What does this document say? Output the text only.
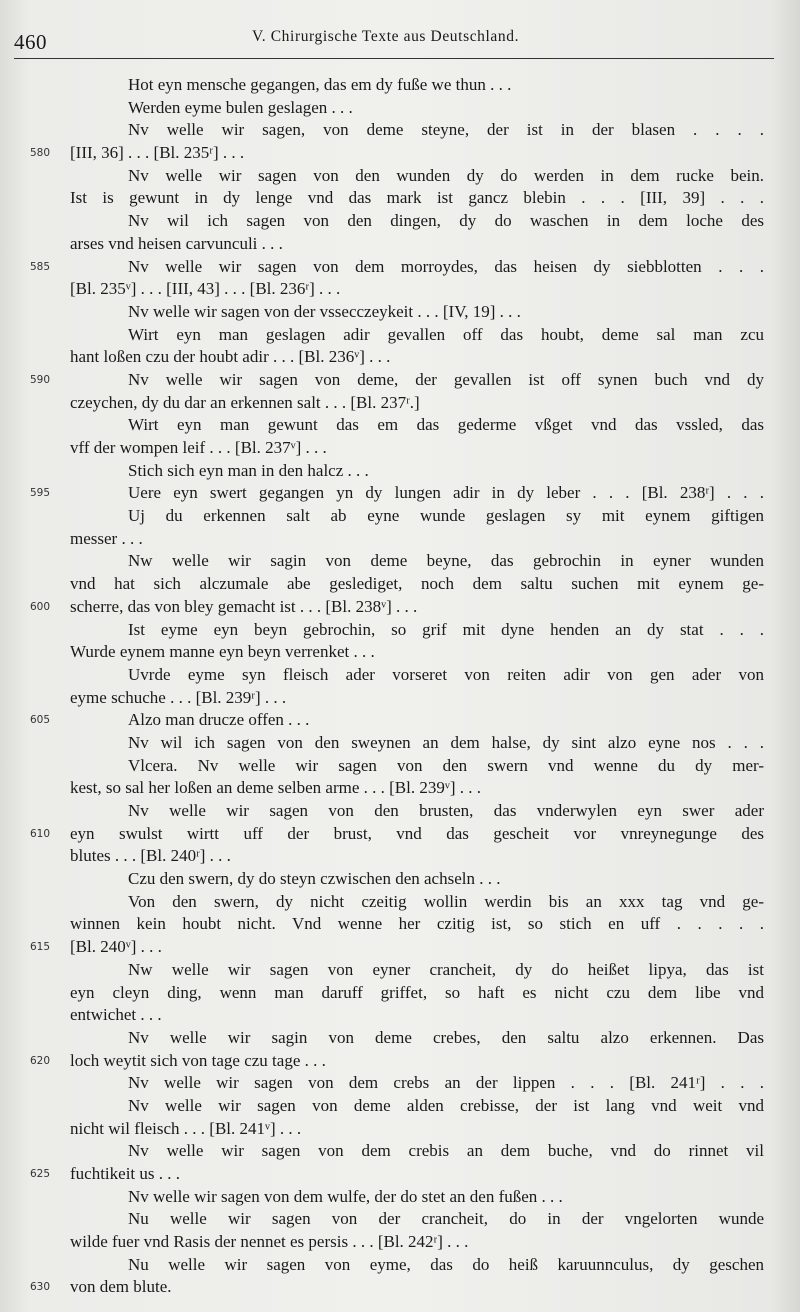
460	V. Chirurgische Texte aus Deutschland.
Hot eyn mensche gegangen, das em dy fuße we thun . . .
Werden eyme bulen geslagen . . .
Nv welle wir sagen, von deme steyne, der ist in der blasen . . . .
580	[III, 36] . . . [Bl. 235ʳ] . . .
Nv welle wir sagen von den wunden dy do werden in dem rucke bein.
Ist is gewunt in dy lenge vnd das mark ist gancz blebin . . . [III, 39] . . .
Nv wil ich sagen von den dingen, dy do waschen in dem loche des
arses vnd heisen carvunculi . . .
585	Nv welle wir sagen von dem morroydes, das heisen dy siebblotten . . .
[Bl. 235ᵛ] . . . [III, 43] . . . [Bl. 236ʳ] . . .
Nv welle wir sagen von der vssecczeykeit . . . [IV, 19] . . .
Wirt eyn man geslagen adir gevallen off das houbt, deme sal man zcu
hant loßen czu der houbt adir . . . [Bl. 236ᵛ] . . .
590	Nv welle wir sagen von deme, der gevallen ist off synen buch vnd dy
czeychen, dy du dar an erkennen salt . . . [Bl. 237ʳ.]
Wirt eyn man gewunt das em das gederme vßget vnd das vssled, das
vff der wompen leif . . . [Bl. 237ᵛ] . . .
Stich sich eyn man in den halcz . . .
595	Uere eyn swert gegangen yn dy lungen adir in dy leber . . . [Bl. 238ʳ] . . .
Uj du erkennen salt ab eyne wunde geslagen sy mit eynem giftigen
messer . . .
Nw welle wir sagin von deme beyne, das gebrochin in eyner wunden
vnd hat sich alczumale abe geslediget, noch dem saltu suchen mit eynem ge-
600	scherre, das von bley gemacht ist . . . [Bl. 238ᵛ] . . .
Ist eyme eyn beyn gebrochin, so grif mit dyne henden an dy stat . . .
Wurde eynem manne eyn beyn verrenket . . .
Uvrde eyme syn fleisch ader vorseret von reiten adir von gen ader von
eyme schuche . . . [Bl. 239ʳ] . . .
605	Alzo man drucze offen . . .
Nv wil ich sagen von den sweynen an dem halse, dy sint alzo eyne nos . . .
Vlcera. Nv welle wir sagen von den swern vnd wenne du dy mer-
kest, so sal her loßen an deme selben arme . . . [Bl. 239ᵛ] . . .
Nv welle wir sagen von den brusten, das vnderwylen eyn swer ader
610	eyn swulst wirtt uff der brust, vnd das gescheit vor vnreynegunge des
blutes . . . [Bl. 240ʳ] . . .
Czu den swern, dy do steyn czwischen den achseln . . .
Von den swern, dy nicht czeitig wollin werdin bis an xxx tag vnd ge-
winnen kein houbt nicht. Vnd wenne her czitig ist, so stich en uff . . . . .
615	[Bl. 240ᵛ] . . .
Nw welle wir sagen von eyner crancheit, dy do heißet lipya, das ist
eyn cleyn ding, wenn man daruff griffet, so haft es nicht czu dem libe vnd
entwichet . . .
Nv welle wir sagin von deme crebes, den saltu alzo erkennen. Das
620	loch weytit sich von tage czu tage . . .
Nv welle wir sagen von dem crebs an der lippen . . . [Bl. 241ʳ] . . .
Nv welle wir sagen von deme alden crebisse, der ist lang vnd weit vnd
nicht wil fleisch . . . [Bl. 241ᵛ] . . .
Nv welle wir sagen von dem crebis an dem buche, vnd do rinnet vil
625	fuchtikeit us . . .
Nv welle wir sagen von dem wulfe, der do stet an den fußen . . .
Nu welle wir sagen von der crancheit, do in der vngelorten wunde
wilde fuer vnd Rasis der nennet es persis . . . [Bl. 242ʳ] . . .
Nu welle wir sagen von eyme, das do heiß karuunnculus, dy geschen
630	von dem blute.
